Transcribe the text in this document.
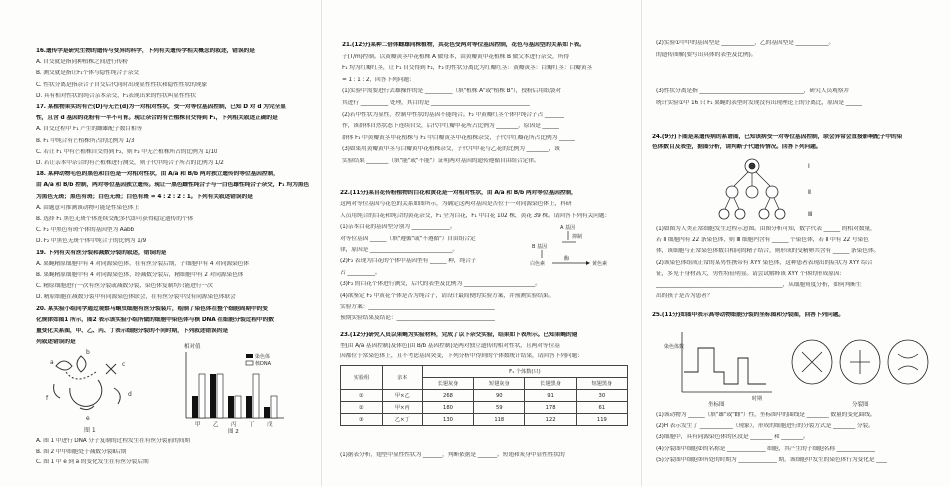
16.遗传学是研究生物的遗传与变异的科学，下列有关遗传学相关概念的叙述，错误的是
A. 自交就是指同种植株之间进行传粉
B. 测交就是指让F₁个体与隐性纯合子杂交
C. 性状分离是指杂合子自交后代同时出现显性性状和隐性性状的现象
D. 具有相对性状的纯合亲本杂交，F₁表现出来的性状叫显性性状
17. 某植物果实的有芒(D)与无芒(d)为一对相对性状，受一对等位基因控制，已知 D 对 d 为完全显
性，且含 d 基因的花粉有一半不可育。现让杂合的有芒植株自交得到 F₁，下列相关叙述正确的是
A. 自交过程中 F₁ 产生的雌雄配子数目相等
B. F₁ 中纯合有芒植株所占的比例为 1/3
C. 若让 F₁ 中有芒植株自交得到 F₂，则 F₂ 中无芒植株所占的比例为 1/10
D. 若让亲本中杂合的有芒植株进行测交，则子代中纯合子所占的比例为 1/2
18. 某种动物毛色的黑色和白色是一对相对性状，由 A/a 和 B/b 两对独立遗传的等位基因控制，
由 A/a 和 B/b 控制，两对等位基因独立遗传。现让一黑色雌性纯合子与一白色雄性纯合子杂交，F₁ 均为黑色
为黑色无斑；黑色有斑；白色无斑；白色有斑 = 4 : 2 : 2 : 1。下列有关叙述错误的是
A. 由题意可推测该动物可能是性染色体上
B. 选择 F₁ 黑色无斑个体连续交配多代即可获得稳定遗传的个体
C. F₂ 中黑色有斑个体的基因型为 Aabb
D. F₂ 中黑色无斑个体中纯合子的比例为 1/9
19. 下列有关有丝分裂和减数分裂的叙述，错误的是
A. 果蝇精原细胞中有 4 对同源染色体，在有丝分裂后期，子细胞中有 4 对同源染色体
B. 果蝇精原细胞中有 4 对同源染色体，经减数分裂后，精细胞中有 2 对同源染色体
C. 精原细胞进行一次有丝分裂或减数分裂，染色体复制均只能进行一次
D. 精原细胞在减数分裂中有同源染色体联会，在有丝分裂中没有同源染色体联会
20. 某实验小组同学通过观察马蛔虫细胞有丝分裂装片，绘制了染色体在整个细胞周期中的变
化规律如图1 所示，图2 表示该实验小组所做的细胞中染色体与核 DNA 在细胞分裂过程中的数
量变化关系图，甲、乙、丙、丁表示细胞分裂的不同时期，下列叙述错误的是
列叙述错误的是
a
b
c
d
e
f
图 1
相对值
染色体
核DNA
甲 乙 丙 丁 戊
图 2
A. 图 1 中进行 DNA 分子复制的过程发生在有丝分裂前的间期
B. 图 2 中甲细胞处于减数分裂Ⅱ后期
C. 图 1 中 e 到 a 的变化发生在有丝分裂后期
21.(12分)某种二倍体雌雄同株植物，其花色受两对等位基因控制，花色与基因型的关系如下表。
子(T/m)控制。以黄瓣黄茎甲花植株 A 做母本，由黄瓣黄甲花植株 B 做父本进行杂交，所得
F₁ 均为红瓣红茎，让 F₁ 自交得到 F₂，F₂ 的性状分离比为红瓣红茎：黄瓣黄茎：白瓣红茎：白瓣黄茎
= 1 : 1 : 2，回答下列问题：
(1)实验中需要进行去雄操作的是 __________（填"植株 A"或"植株 B"），授粉后用纸袋对
其进行 __________ 处理，其目的是 ____________________________________
(2)若甲性状为显性，控制甲性状的基因不能纯合。F₂ 中黄瓣红茎个体中纯合子占 _______
作，该群体自然状态下连续自交，后代中红瓣甲花所占比例为 ________，原因是 ______
群体 F₁ 中黄瓣黄茎甲花植株与 F₂ 中白瓣黄茎甲花植株杂交，子代中红瓣花所占比例为 ______
(3)如果用黄瓣黄甲茎与白瓣黄甲花植株杂交，子代中甲花与乙花的比例为 ________，该
实验结果 ________（填"能"或"不能"）证明两对基因的遗传遵循自由组合定律。
22.(11分)某自花传粉植物的白花和黄花是一对相对性状，由 A/a 和 B/b 两对等位基因控制，
这两对等位基因与花色的关系如图所示，为确定这两对基因是否位于一对同源染色体上，科研
人员用纯合的白花和纯合的黄花杂交，F₁ 全为白花，F₁ 中白花 102 株，黄花 39 株。请回答下列有关问题：
(1)亲本白花的基因型分别为 ______________。
对等位基因 ______（填"遵循"或"不遵循"）自由组合定
律，原因是 ______________________________。
(2)F₂ 表现为白花的个体中基因型有 ______ 种，纯合子
占 __________。
(3)F₂ 的白花个体进行测交，后代的表型及比例为 __________________________。
(4)欲鉴定 F₂ 中黄花个体是否为纯合子，请设计最简便的实验方案，并预测实验结果。
实验方案：______________________________________________
预期实验结果及结论：____________________________________
A 基因
抑制
B 基因
白色素
酶
黄色素
23.(12分)研究人员以果蝇为实验材料，完成了以下杂交实验，结果如下表所示。已知果蝇的翅
型(由 A/a 基因控制)及体色(由 B/b 基因控制)是两对独立遗传的相对性状，且两对等位基
因都位于常染色体上，且不考虑基因突变，下列分析中得到的个体数统计结果，请回答下列问题：
实验组	亲本	F₁ 个体数(只)			
		长翅灰身	短翅灰身	长翅黑身	短翅黑身
①	甲×乙	268	90	91	30
②	甲×丙	180	59	178	61
③	乙×丁	130	118	122	119
(1)据表分析，翅型中显性性状为 _______，判断依据是 _______。短翅和灰身中显性性状的
(2)实验①中甲的基因型是 ____________，乙的基因型是 ____________。
的遗传图解(要写出具体的表型及比例)。
(3)性状分离是指 ______________________________________，研究人员观察并
统计实验①中 16 只 F₁ 果蝇的表型时发现没有出现理论上的分离比，原因是 ______
24.(9分)下图是某遗传病的系谱图，已知该病受一对等位基因控制，联会异常会直接影响配子中的染
色体数目及表型，据图分析，请判断子代遗传情况。回答下列问题。
Ⅰ
Ⅱ
Ⅲ
(1)如图为人类正常细胞发生过程示意图。由图分析可知，数字代表 ______ 的相对数量，
若 Ⅱ 细胞内有 22 条染色体，则 Ⅲ 细胞内含有 ______ 个染色体，若 Ⅱ 中有 22 号染色
体，该细胞与正常染色体数目相同的精子结合，则形成的受精卵共含有 ______ 条染色体。
(2)该染色体组成正常的某男性携带有 XYY 染色体，这种患者表现出的症状为 XYY 综合
征，多见于身材高大，男性特征明显。请尝试解释该 XYY 个体的形成原因：
______________________________________________，从细胞角度分析，如何判断生
出的孩子是否为患者？
25.(11分)如图甲表示高等动物细胞分裂的坐标图和分裂图，回答下列问题。
染色体数
时期
坐标图	分裂图
(1)该动物为 ______（填"雄"或"雌"）性，坐标图中的曲线是 ________ 数量的变化曲线。
(2)H 表示发生了 ____________（现象），形成的细胞进行的分裂方式是 ________ 分裂。
(3)细胞中，具有同源染色体的区段是 ________ 和 ________。
(4)分裂图中细胞②的名称是 ______________ 细胞，其产生的子细胞名称 ______________
(5)分裂图中细胞③所处的时期为 ______________ 期，该细胞中发生的染色体行为变化是 ____
